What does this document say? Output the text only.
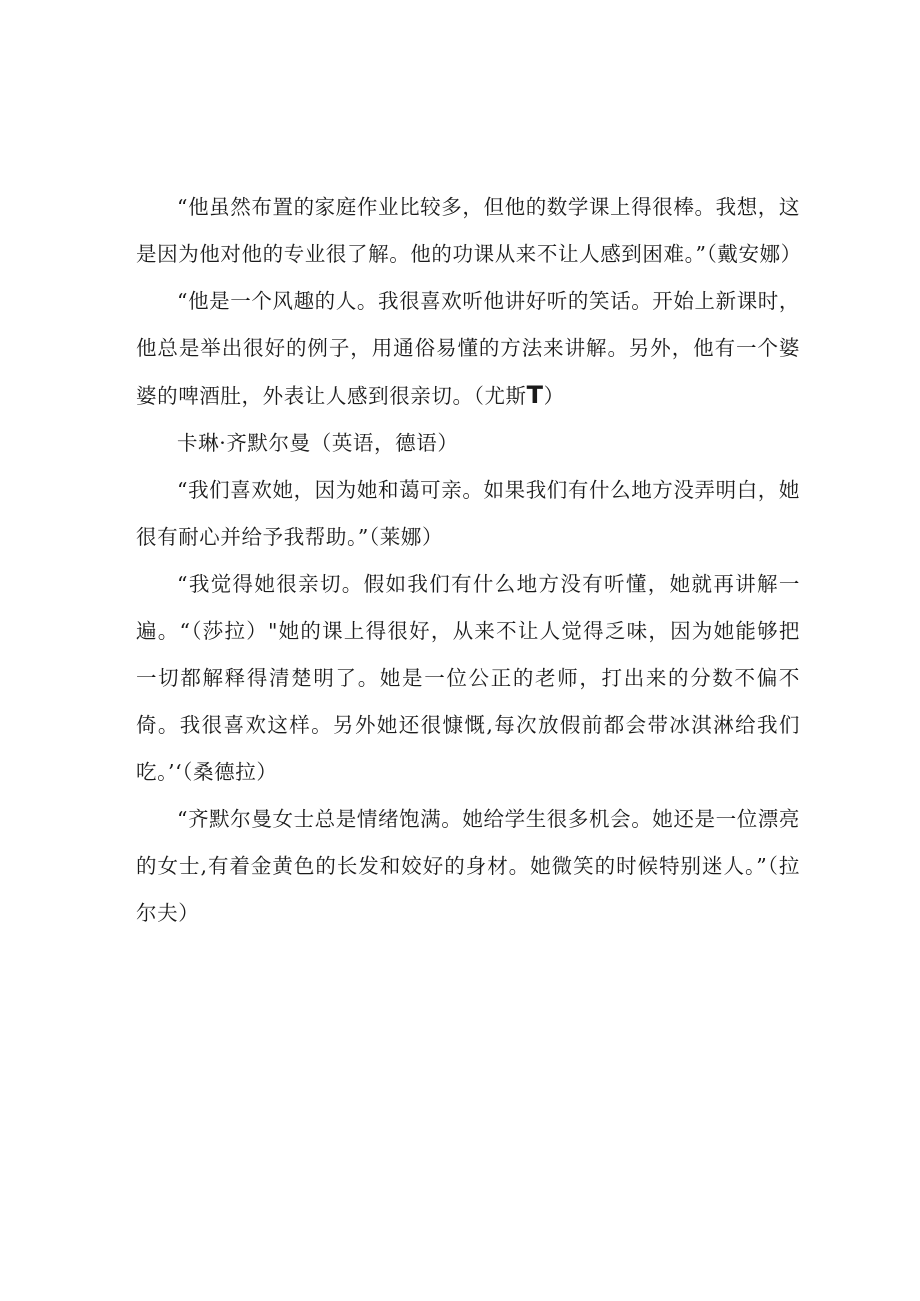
“他虽然布置的家庭作业比较多，但他的数学课上得很棒。我想，这是因为他对他的专业很了解。他的功课从来不让人感到困难。”（戴安娜）

“他是一个风趣的人。我很喜欢听他讲好听的笑话。开始上新课时，他总是举出很好的例子，用通俗易懂的方法来讲解。另外，他有一个婆婆的啤酒肚，外表让人感到很亲切。（尤斯T）

卡琳·齐默尔曼（英语，德语）

“我们喜欢她，因为她和蔼可亲。如果我们有什么地方没弄明白，她很有耐心并给予我帮助。”（莱娜）

“我觉得她很亲切。假如我们有什么地方没有听懂，她就再讲解一遍。“（莎拉）"她的课上得很好，从来不让人觉得乏味，因为她能够把一切都解释得清楚明了。她是一位公正的老师，打出来的分数不偏不倚。我很喜欢这样。另外她还很慷慨,每次放假前都会带冰淇淋给我们吃。’‘（桑德拉）

“齐默尔曼女士总是情绪饱满。她给学生很多机会。她还是一位漂亮的女士,有着金黄色的长发和姣好的身材。她微笑的时候特别迷人。”（拉尔夫）
